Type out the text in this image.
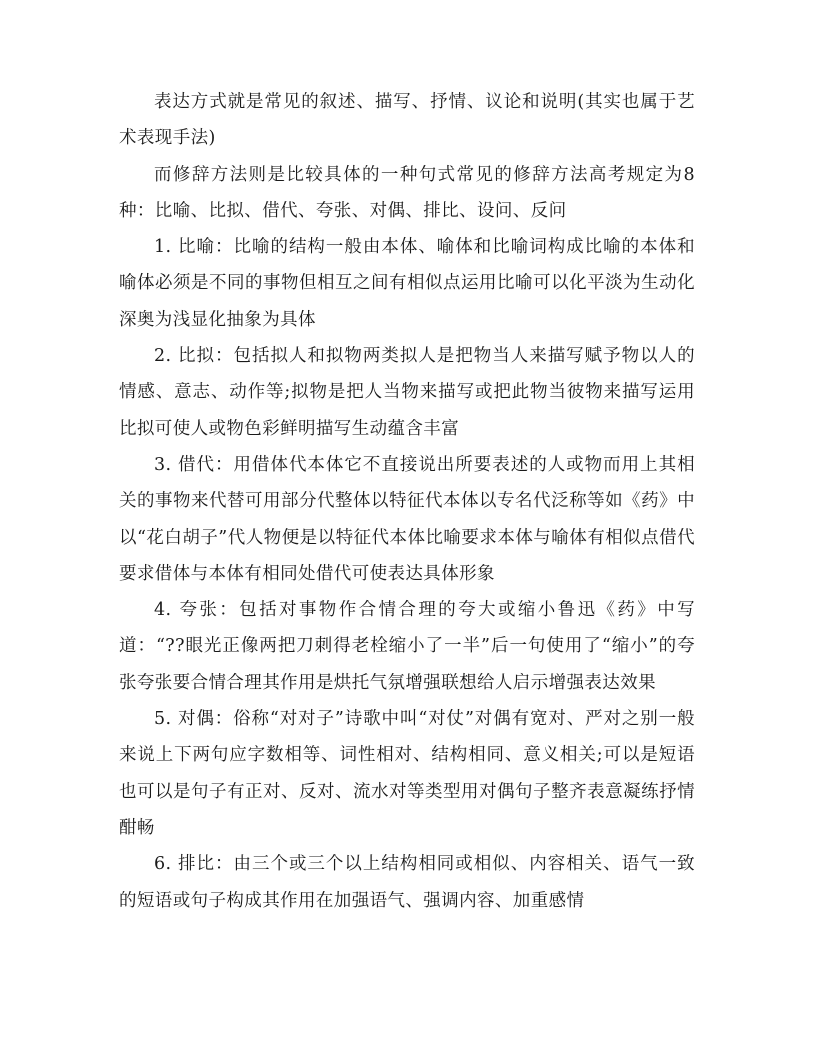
表达方式就是常见的叙述、描写、抒情、议论和说明(其实也属于艺术表现手法)

而修辞方法则是比较具体的一种句式常见的修辞方法高考规定为8种：比喻、比拟、借代、夸张、对偶、排比、设问、反问

1. 比喻：比喻的结构一般由本体、喻体和比喻词构成比喻的本体和喻体必须是不同的事物但相互之间有相似点运用比喻可以化平淡为生动化深奥为浅显化抽象为具体

2. 比拟：包括拟人和拟物两类拟人是把物当人来描写赋予物以人的情感、意志、动作等;拟物是把人当物来描写或把此物当彼物来描写运用比拟可使人或物色彩鲜明描写生动蕴含丰富

3. 借代：用借体代本体它不直接说出所要表述的人或物而用上其相关的事物来代替可用部分代整体以特征代本体以专名代泛称等如《药》中以“花白胡子”代人物便是以特征代本体比喻要求本体与喻体有相似点借代要求借体与本体有相同处借代可使表达具体形象

4. 夸张：包括对事物作合情合理的夸大或缩小鲁迅《药》中写道：“??眼光正像两把刀刺得老栓缩小了一半”后一句使用了“缩小”的夸张夸张要合情合理其作用是烘托气氛增强联想给人启示增强表达效果

5. 对偶：俗称“对对子”诗歌中叫“对仗”对偶有宽对、严对之别一般来说上下两句应字数相等、词性相对、结构相同、意义相关;可以是短语也可以是句子有正对、反对、流水对等类型用对偶句子整齐表意凝练抒情酣畅

6. 排比：由三个或三个以上结构相同或相似、内容相关、语气一致的短语或句子构成其作用在加强语气、强调内容、加重感情
